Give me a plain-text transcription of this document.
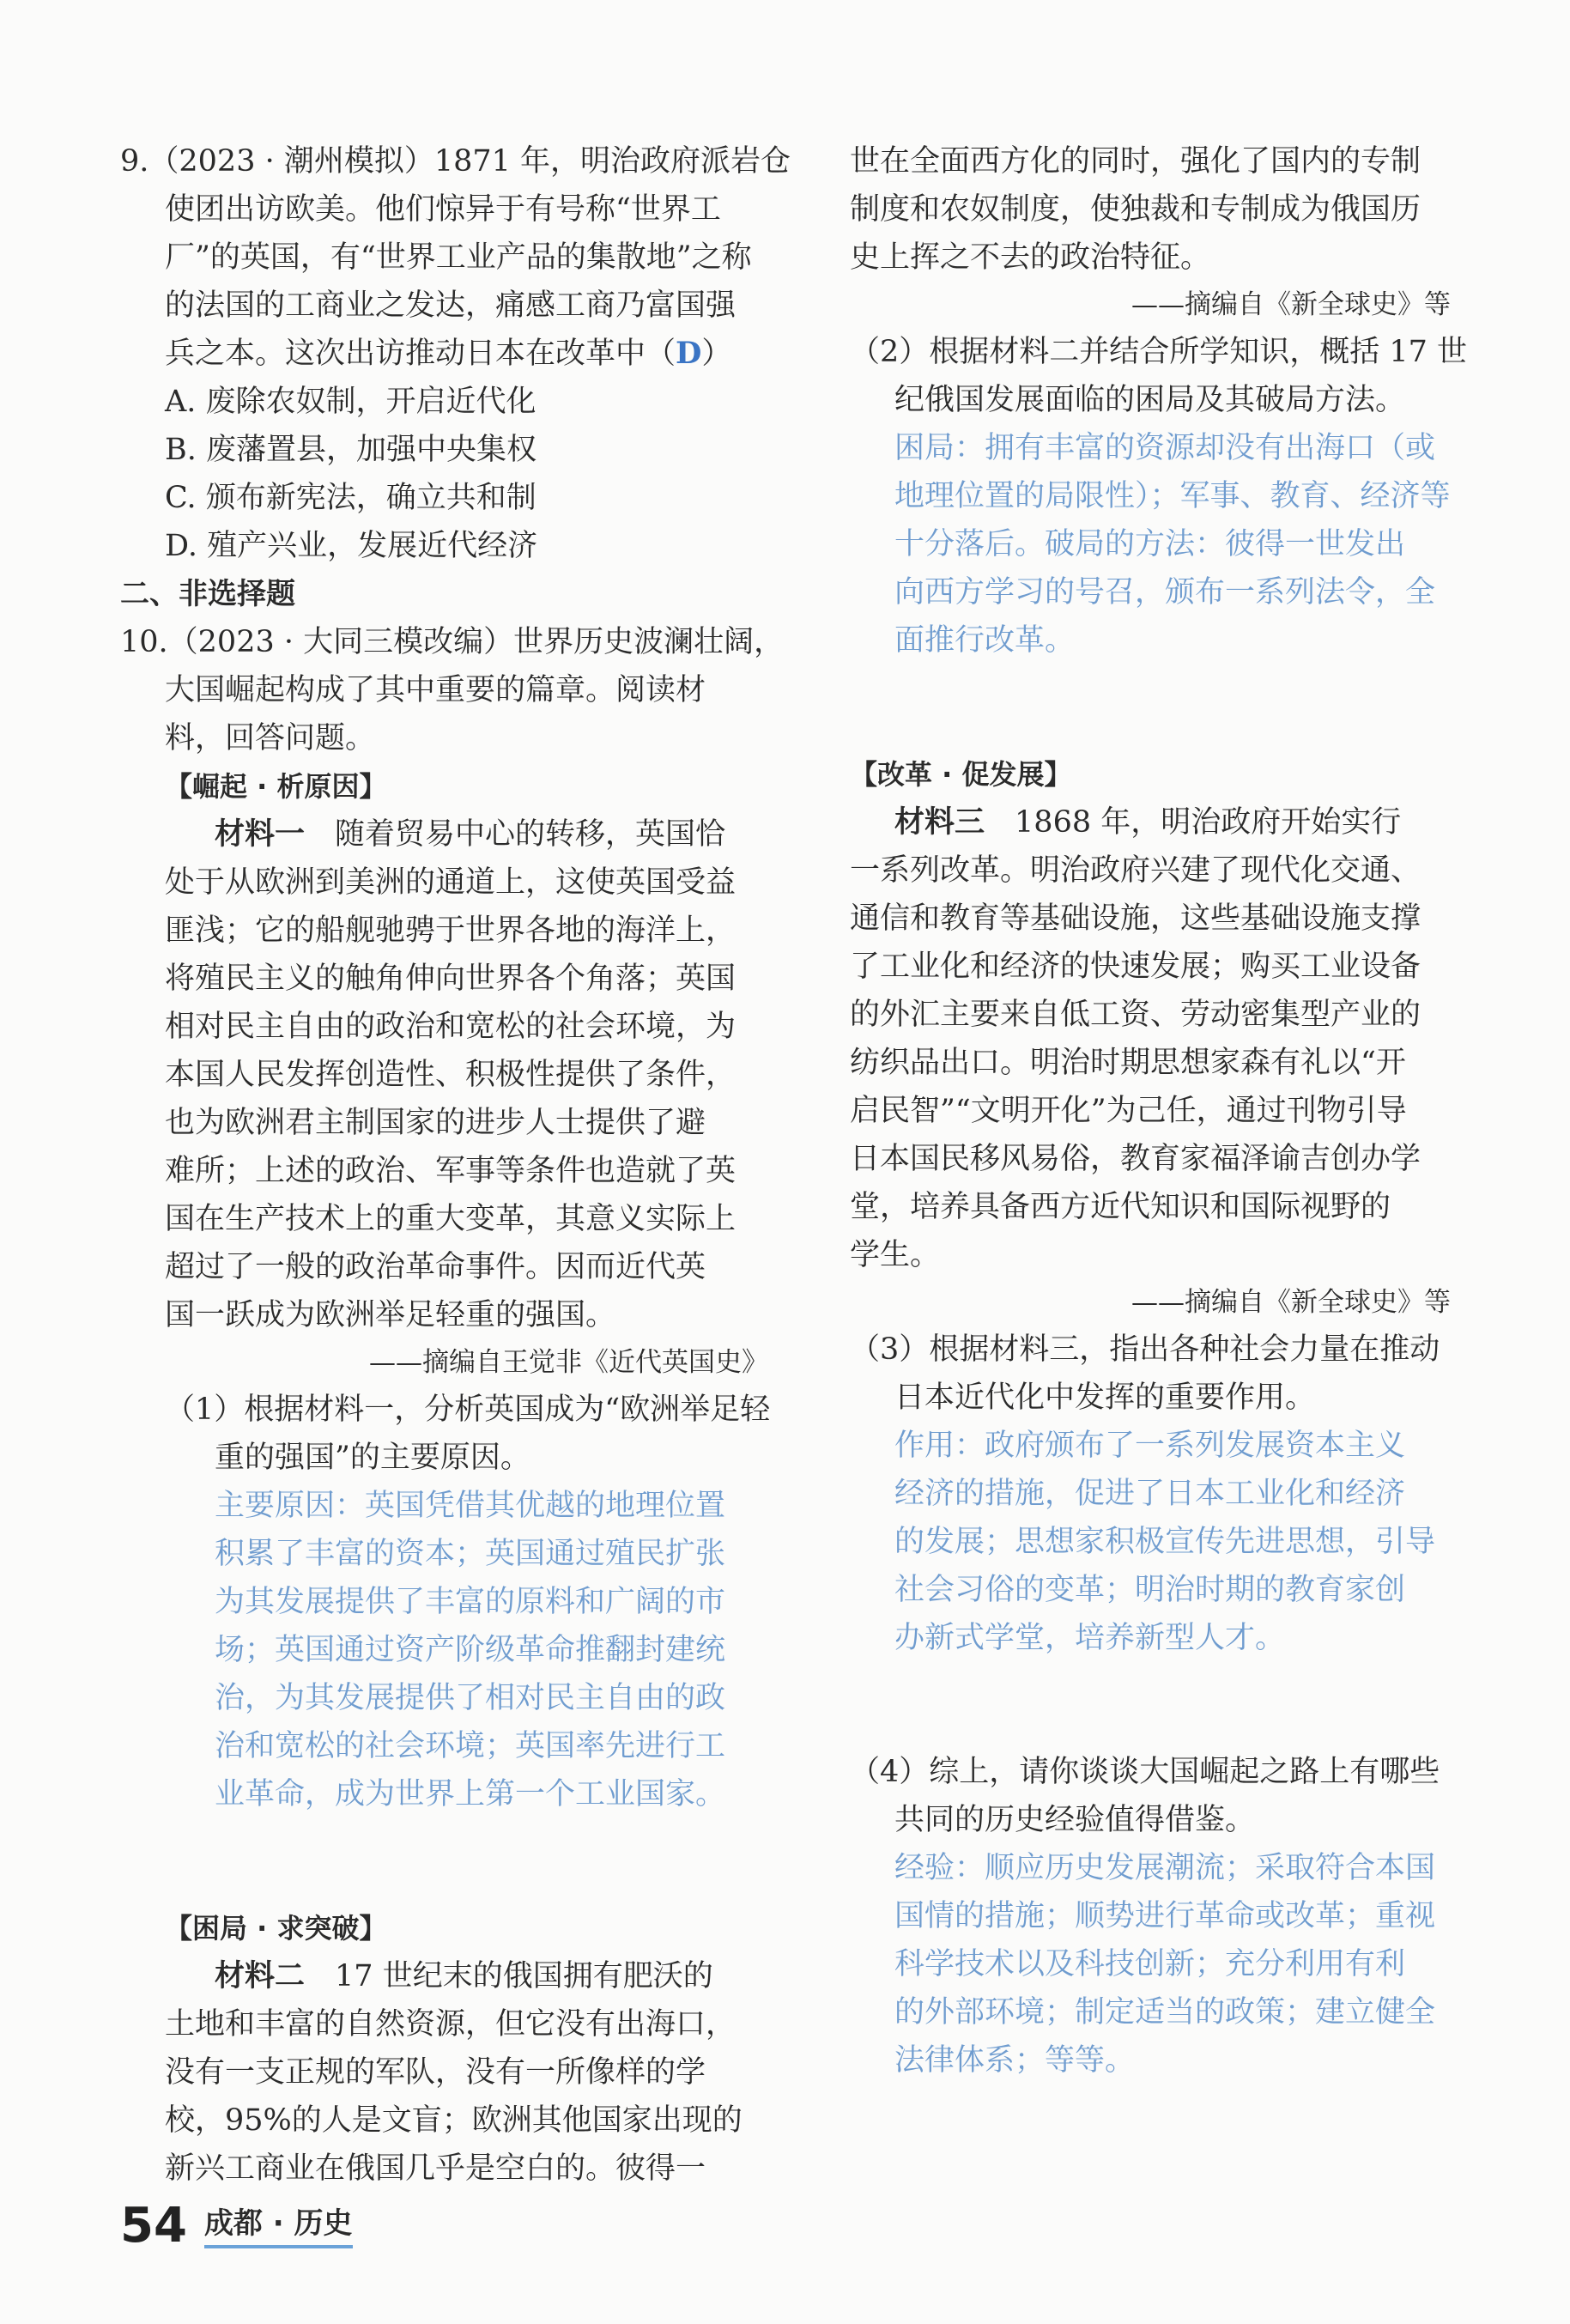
9.（2023 · 潮州模拟）1871 年，明治政府派岩仓
使团出访欧美。他们惊异于有号称“世界工
厂”的英国，有“世界工业产品的集散地”之称
的法国的工商业之发达，痛感工商乃富国强
兵之本。这次出访推动日本在改革中（D）
A. 废除农奴制，开启近代化
B. 废藩置县，加强中央集权
C. 颁布新宪法，确立共和制
D. 殖产兴业，发展近代经济
二、非选择题
10.（2023 · 大同三模改编）世界历史波澜壮阔，
大国崛起构成了其中重要的篇章。阅读材
料，回答问题。
【崛起 · 析原因】
材料一　 随着贸易中心的转移，英国恰
处于从欧洲到美洲的通道上，这使英国受益
匪浅；它的船舰驰骋于世界各地的海洋上，
将殖民主义的触角伸向世界各个角落；英国
相对民主自由的政治和宽松的社会环境，为
本国人民发挥创造性、积极性提供了条件，
也为欧洲君主制国家的进步人士提供了避
难所；上述的政治、军事等条件也造就了英
国在生产技术上的重大变革，其意义实际上
超过了一般的政治革命事件。因而近代英
国一跃成为欧洲举足轻重的强国。
——摘编自王觉非《近代英国史》
（1）根据材料一，分析英国成为“欧洲举足轻
重的强国”的主要原因。
主要原因：英国凭借其优越的地理位置
积累了丰富的资本；英国通过殖民扩张
为其发展提供了丰富的原料和广阔的市
场；英国通过资产阶级革命推翻封建统
治，为其发展提供了相对民主自由的政
治和宽松的社会环境；英国率先进行工
业革命，成为世界上第一个工业国家。
【困局 · 求突破】
材料二　 17 世纪末的俄国拥有肥沃的
土地和丰富的自然资源，但它没有出海口，
没有一支正规的军队，没有一所像样的学
校，95%的人是文盲；欧洲其他国家出现的
新兴工商业在俄国几乎是空白的。彼得一
世在全面西方化的同时，强化了国内的专制
制度和农奴制度，使独裁和专制成为俄国历
史上挥之不去的政治特征。
——摘编自《新全球史》等
（2）根据材料二并结合所学知识，概括 17 世
纪俄国发展面临的困局及其破局方法。
困局：拥有丰富的资源却没有出海口（或
地理位置的局限性）；军事、教育、经济等
十分落后。破局的方法：彼得一世发出
向西方学习的号召，颁布一系列法令，全
面推行改革。
【改革 · 促发展】
材料三　 1868 年，明治政府开始实行
一系列改革。明治政府兴建了现代化交通、
通信和教育等基础设施，这些基础设施支撑
了工业化和经济的快速发展；购买工业设备
的外汇主要来自低工资、劳动密集型产业的
纺织品出口。明治时期思想家森有礼以“开
启民智”“文明开化”为己任，通过刊物引导
日本国民移风易俗，教育家福泽谕吉创办学
堂，培养具备西方近代知识和国际视野的
学生。
——摘编自《新全球史》等
（3）根据材料三，指出各种社会力量在推动
日本近代化中发挥的重要作用。
作用：政府颁布了一系列发展资本主义
经济的措施，促进了日本工业化和经济
的发展；思想家积极宣传先进思想，引导
社会习俗的变革；明治时期的教育家创
办新式学堂，培养新型人才。
（4）综上，请你谈谈大国崛起之路上有哪些
共同的历史经验值得借鉴。
经验：顺应历史发展潮流；采取符合本国
国情的措施；顺势进行革命或改革；重视
科学技术以及科技创新；充分利用有利
的外部环境；制定适当的政策；建立健全
法律体系；等等。
54 成都 · 历史
